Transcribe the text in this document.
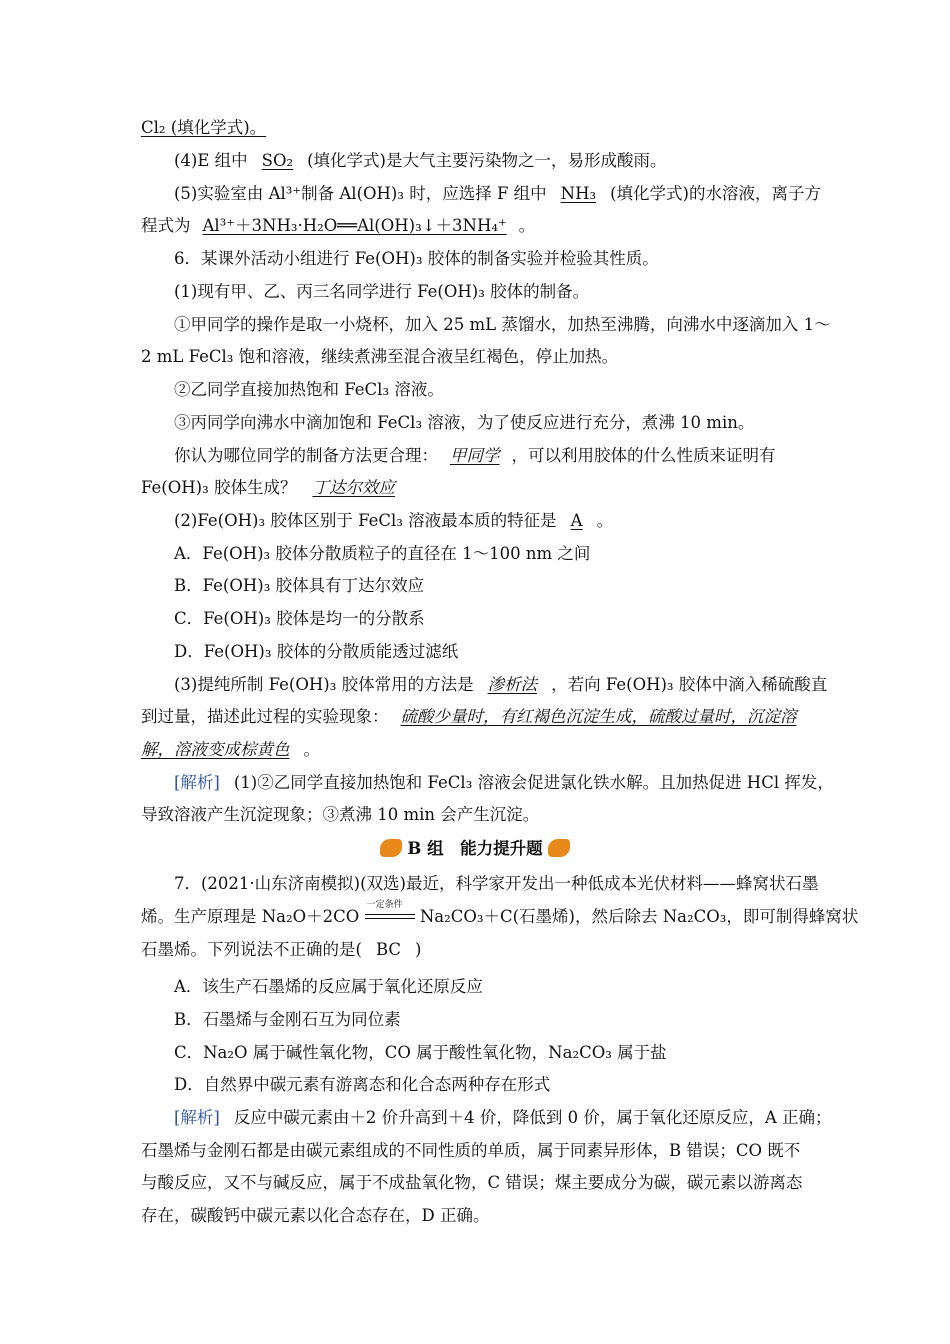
Cl₂ (填化学式)。
(4)E 组中 SO₂ (填化学式)是大气主要污染物之一，易形成酸雨。
(5)实验室由 Al³⁺制备 Al(OH)₃ 时，应选择 F 组中 NH₃ (填化学式)的水溶液，离子方
程式为 Al³⁺＋3NH₃·H₂O══Al(OH)₃↓＋3NH₄⁺ 。
6．某课外活动小组进行 Fe(OH)₃ 胶体的制备实验并检验其性质。
(1)现有甲、乙、丙三名同学进行 Fe(OH)₃ 胶体的制备。
①甲同学的操作是取一小烧杯，加入 25 mL 蒸馏水，加热至沸腾，向沸水中逐滴加入 1～
2 mL FeCl₃ 饱和溶液，继续煮沸至混合液呈红褐色，停止加热。
②乙同学直接加热饱和 FeCl₃ 溶液。
③丙同学向沸水中滴加饱和 FeCl₃ 溶液，为了使反应进行充分，煮沸 10 min。
你认为哪位同学的制备方法更合理： 甲同学 ，可以利用胶体的什么性质来证明有
Fe(OH)₃ 胶体生成？ 丁达尔效应
(2)Fe(OH)₃ 胶体区别于 FeCl₃ 溶液最本质的特征是 A 。
A．Fe(OH)₃ 胶体分散质粒子的直径在 1～100 nm 之间
B．Fe(OH)₃ 胶体具有丁达尔效应
C．Fe(OH)₃ 胶体是均一的分散系
D．Fe(OH)₃ 胶体的分散质能透过滤纸
(3)提纯所制 Fe(OH)₃ 胶体常用的方法是 渗析法 ，若向 Fe(OH)₃ 胶体中滴入稀硫酸直
到过量，描述此过程的实验现象： 硫酸少量时，有红褐色沉淀生成，硫酸过量时，沉淀溶
解，溶液变成棕黄色 。
[解析] (1)②乙同学直接加热饱和 FeCl₃ 溶液会促进氯化铁水解。且加热促进 HCl 挥发，
导致溶液产生沉淀现象；③煮沸 10 min 会产生沉淀。
B 组　能力提升题
7．(2021·山东济南模拟)(双选)最近，科学家开发出一种低成本光伏材料——蜂窝状石墨
烯。生产原理是 Na₂O＋2CO
一定条件
Na₂CO₃＋C(石墨烯)，然后除去 Na₂CO₃，即可制得蜂窝状
石墨烯。下列说法不正确的是( BC )
A．该生产石墨烯的反应属于氧化还原反应
B．石墨烯与金刚石互为同位素
C．Na₂O 属于碱性氧化物，CO 属于酸性氧化物，Na₂CO₃ 属于盐
D．自然界中碳元素有游离态和化合态两种存在形式
[解析] 反应中碳元素由＋2 价升高到＋4 价，降低到 0 价，属于氧化还原反应，A 正确；
石墨烯与金刚石都是由碳元素组成的不同性质的单质，属于同素异形体，B 错误；CO 既不
与酸反应，又不与碱反应，属于不成盐氧化物，C 错误；煤主要成分为碳，碳元素以游离态
存在，碳酸钙中碳元素以化合态存在，D 正确。
